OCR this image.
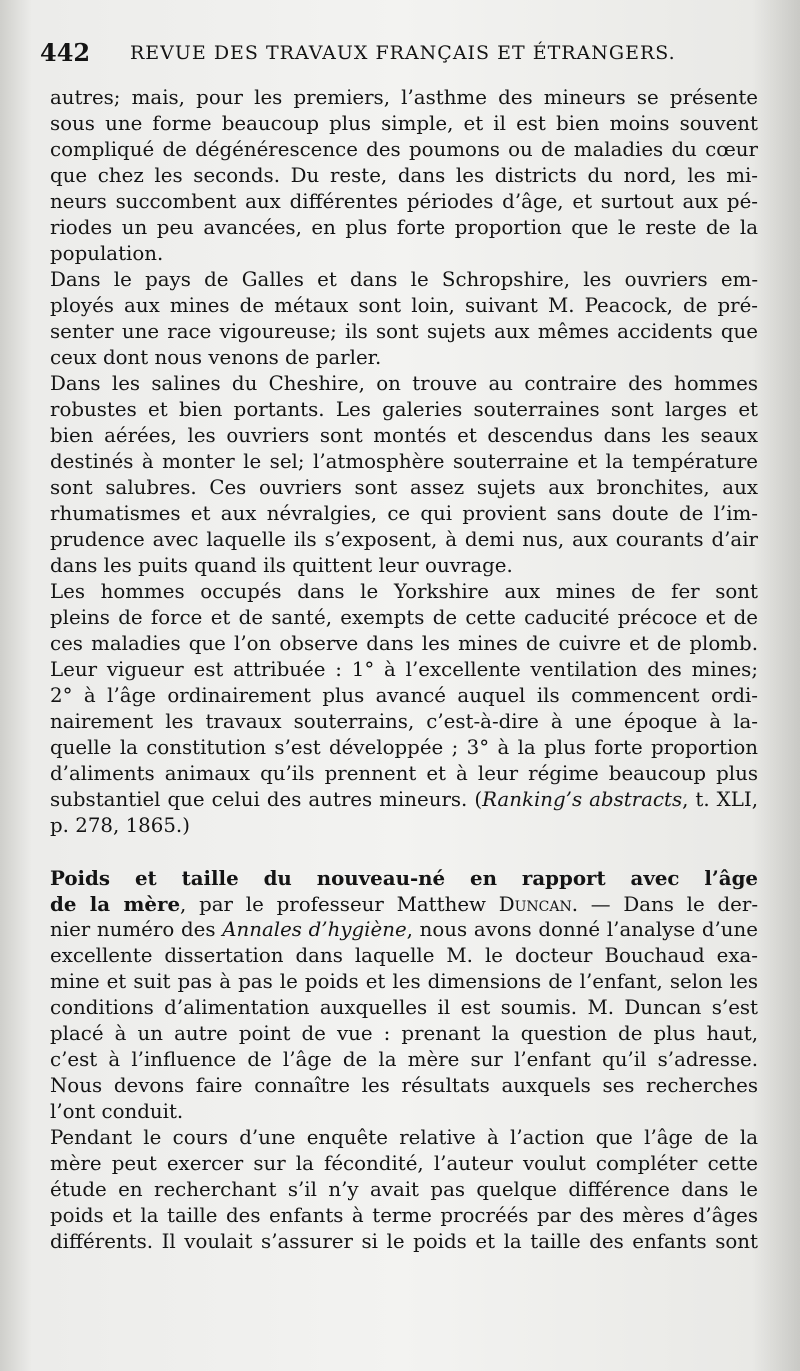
442 REVUE DES TRAVAUX FRANÇAIS ET ÉTRANGERS.
autres; mais, pour les premiers, l’asthme des mineurs se présente
sous une forme beaucoup plus simple, et il est bien moins souvent
compliqué de dégénérescence des poumons ou de maladies du cœur
que chez les seconds. Du reste, dans les districts du nord, les mi-
neurs succombent aux différentes périodes d’âge, et surtout aux pé-
riodes un peu avancées, en plus forte proportion que le reste de la
population.
Dans le pays de Galles et dans le Schropshire, les ouvriers em-
ployés aux mines de métaux sont loin, suivant M. Peacock, de pré-
senter une race vigoureuse; ils sont sujets aux mêmes accidents que
ceux dont nous venons de parler.
Dans les salines du Cheshire, on trouve au contraire des hommes
robustes et bien portants. Les galeries souterraines sont larges et
bien aérées, les ouvriers sont montés et descendus dans les seaux
destinés à monter le sel; l’atmosphère souterraine et la température
sont salubres. Ces ouvriers sont assez sujets aux bronchites, aux
rhumatismes et aux névralgies, ce qui provient sans doute de l’im-
prudence avec laquelle ils s’exposent, à demi nus, aux courants d’air
dans les puits quand ils quittent leur ouvrage.
Les hommes occupés dans le Yorkshire aux mines de fer sont
pleins de force et de santé, exempts de cette caducité précoce et de
ces maladies que l’on observe dans les mines de cuivre et de plomb.
Leur vigueur est attribuée : 1° à l’excellente ventilation des mines;
2° à l’âge ordinairement plus avancé auquel ils commencent ordi-
nairement les travaux souterrains, c’est-à-dire à une époque à la-
quelle la constitution s’est développée ; 3° à la plus forte proportion
d’aliments animaux qu’ils prennent et à leur régime beaucoup plus
substantiel que celui des autres mineurs. (Ranking’s abstracts, t. XLI,
p. 278, 1865.)
Poids et taille du nouveau-né en rapport avec l’âge
de la mère, par le professeur Matthew Duncan. — Dans le der-
nier numéro des Annales d’hygiène, nous avons donné l’analyse d’une
excellente dissertation dans laquelle M. le docteur Bouchaud exa-
mine et suit pas à pas le poids et les dimensions de l’enfant, selon les
conditions d’alimentation auxquelles il est soumis. M. Duncan s’est
placé à un autre point de vue : prenant la question de plus haut,
c’est à l’influence de l’âge de la mère sur l’enfant qu’il s’adresse.
Nous devons faire connaître les résultats auxquels ses recherches
l’ont conduit.
Pendant le cours d’une enquête relative à l’action que l’âge de la
mère peut exercer sur la fécondité, l’auteur voulut compléter cette
étude en recherchant s’il n’y avait pas quelque différence dans le
poids et la taille des enfants à terme procréés par des mères d’âges
différents. Il voulait s’assurer si le poids et la taille des enfants sont
